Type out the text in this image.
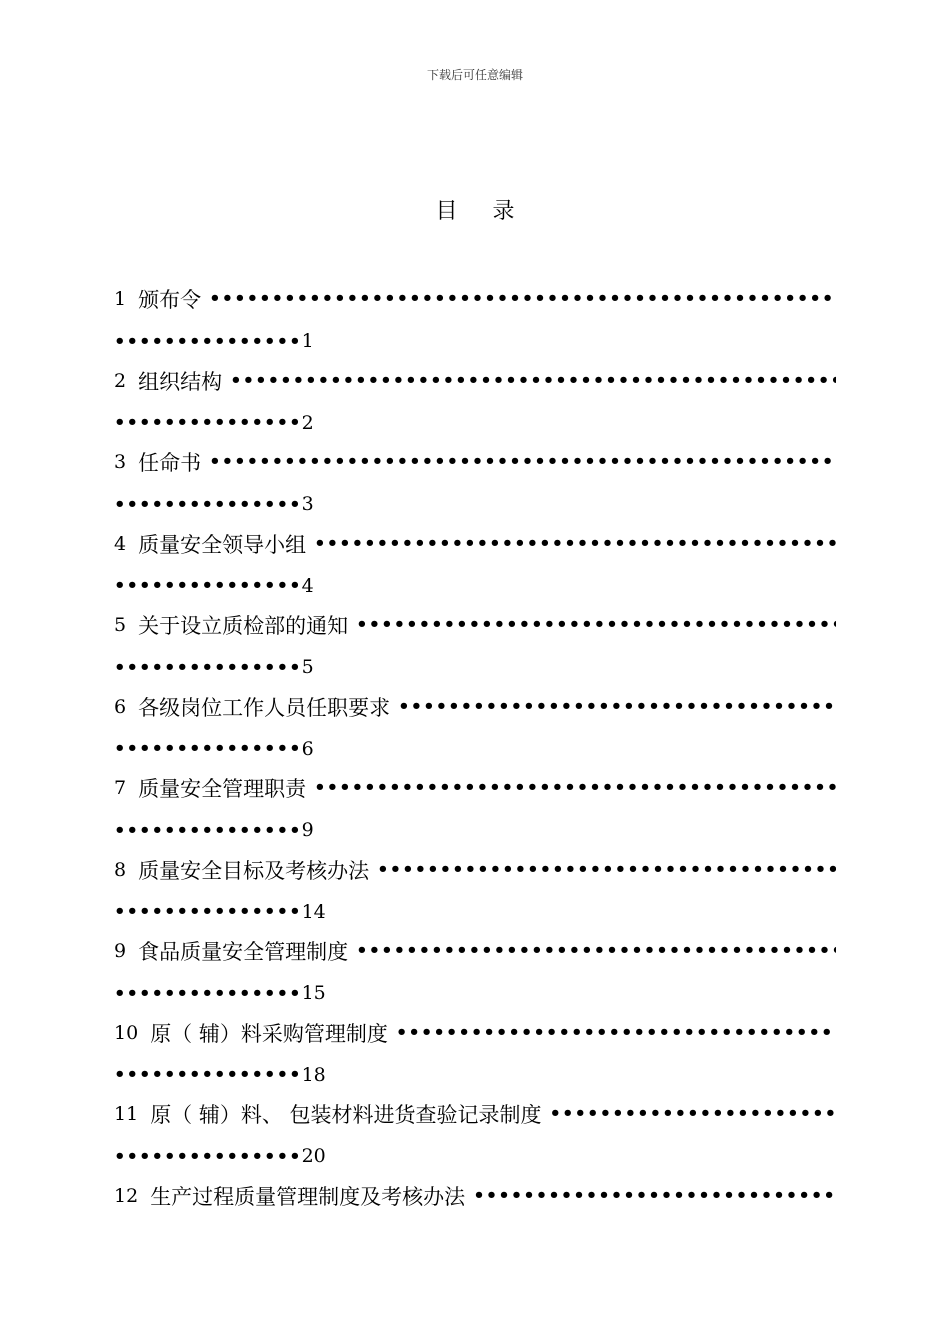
下载后可任意编辑
目 录
1 颁布令
•••••
•••••
1
2 组织结构
•••••
•••••
2
3 任命书
•••••
•••••
3
4 质量安全领导小组
•••••
•••••
4
5 关于设立质检部的通知
•••••
•••••
5
6 各级岗位工作人员任职要求
•••••
•••••
6
7 质量安全管理职责
•••••
•••••
9
8 质量安全目标及考核办法
•••••
•••••
14
9 食品质量安全管理制度
•••••
•••••
15
10 原（ 辅）料采购管理制度
•••••
•••••
18
11 原（ 辅）料、 包装材料进货查验记录制度
•••••
•••••
20
12 生产过程质量管理制度及考核办法
•••••
